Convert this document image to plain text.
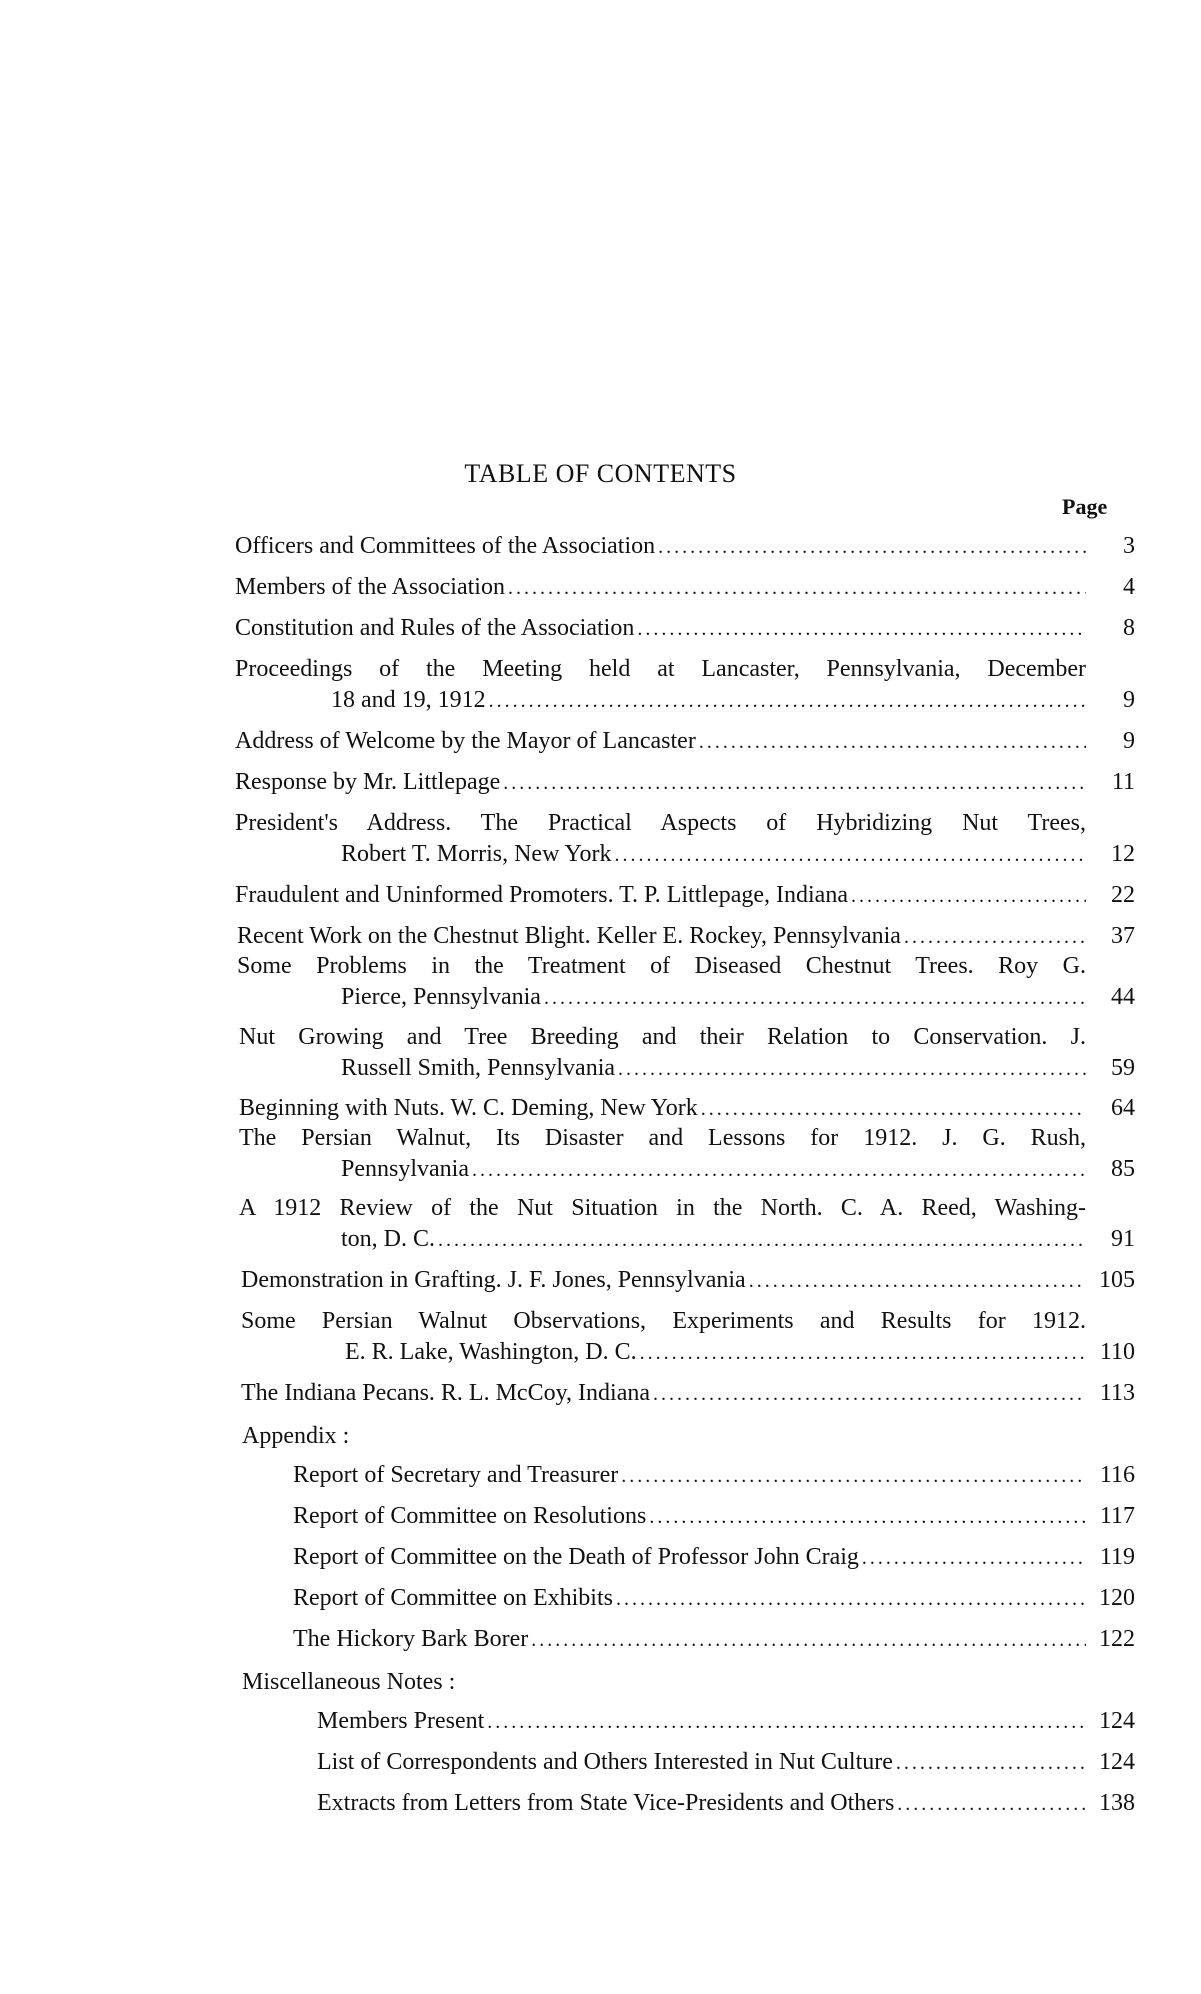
TABLE OF CONTENTS
Page
Officers and Committees of the Association .....	3
Members of the Association .....	4
Constitution and Rules of the Association .....	8
Proceedings of the Meeting held at Lancaster, Pennsylvania, December
18 and 19, 1912 .....	9
Address of Welcome by the Mayor of Lancaster .....	9
Response by Mr. Littlepage .....	11
President's Address. The Practical Aspects of Hybridizing Nut Trees,
Robert T. Morris, New York .....	12
Fraudulent and Uninformed Promoters. T. P. Littlepage, Indiana .....	22
Recent Work on the Chestnut Blight. Keller E. Rockey, Pennsylvania .....	37
Some Problems in the Treatment of Diseased Chestnut Trees. Roy G.
Pierce, Pennsylvania .....	44
Nut Growing and Tree Breeding and their Relation to Conservation. J.
Russell Smith, Pennsylvania .....	59
Beginning with Nuts. W. C. Deming, New York .....	64
The Persian Walnut, Its Disaster and Lessons for 1912. J. G. Rush,
Pennsylvania .....	85
A 1912 Review of the Nut Situation in the North. C. A. Reed, Washing-
ton, D. C. .....	91
Demonstration in Grafting. J. F. Jones, Pennsylvania .....	105
Some Persian Walnut Observations, Experiments and Results for 1912.
E. R. Lake, Washington, D. C. .....	110
The Indiana Pecans. R. L. McCoy, Indiana .....	113
Appendix :
Report of Secretary and Treasurer .....	116
Report of Committee on Resolutions .....	117
Report of Committee on the Death of Professor John Craig .....	119
Report of Committee on Exhibits .....	120
The Hickory Bark Borer .....	122
Miscellaneous Notes :
Members Present .....	124
List of Correspondents and Others Interested in Nut Culture .....	124
Extracts from Letters from State Vice-Presidents and Others .....	138
